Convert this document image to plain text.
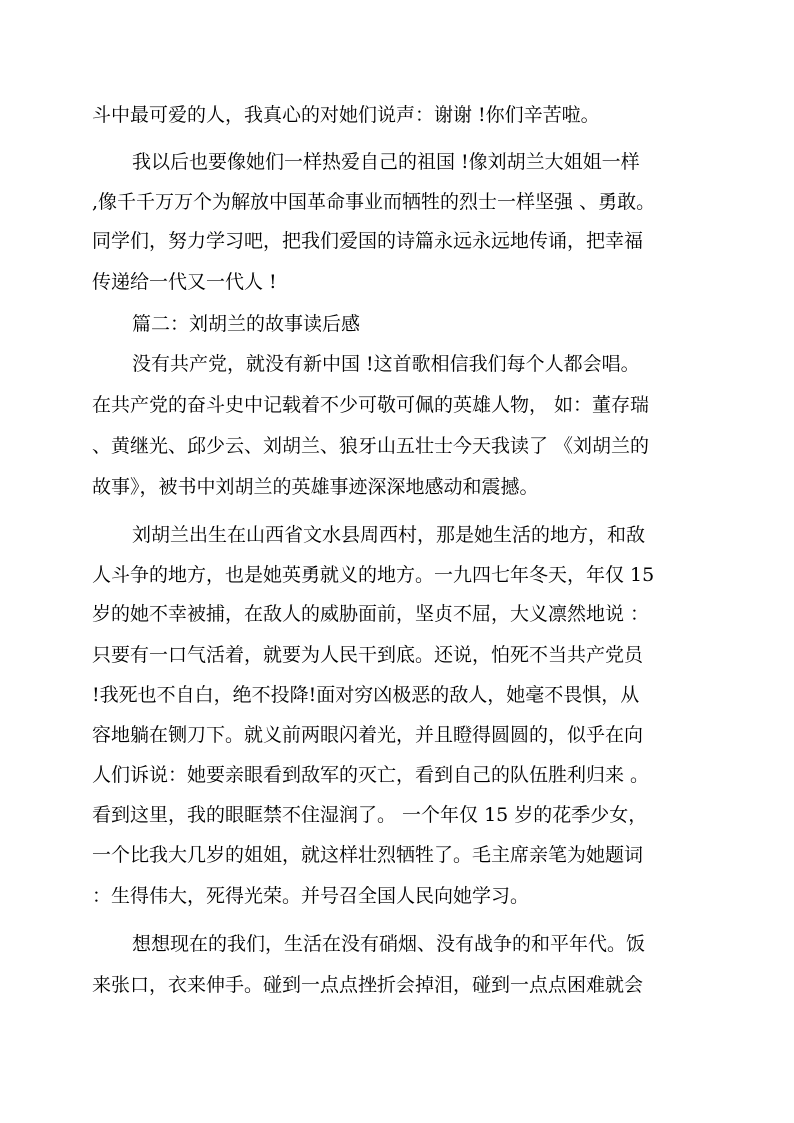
斗中最可爱的人，我真心的对她们说声：谢谢 !你们辛苦啦。
我以后也要像她们一样热爱自己的祖国 !像刘胡兰大姐姐一样
,像千千万万个为解放中国革命事业而牺牲的烈士一样坚强 、勇敢。
同学们，努力学习吧，把我们爱国的诗篇永远永远地传诵，把幸福
传递给一代又一代人 !
篇二：刘胡兰的故事读后感
没有共产党，就没有新中国 !这首歌相信我们每个人都会唱。
在共产党的奋斗史中记载着不少可敬可佩的英雄人物， 如：董存瑞
、黄继光、邱少云、刘胡兰、狼牙山五壮士今天我读了 《刘胡兰的
故事》，被书中刘胡兰的英雄事迹深深地感动和震撼。
刘胡兰出生在山西省文水县周西村，那是她生活的地方，和敌
人斗争的地方，也是她英勇就义的地方。一九四七年冬天，年仅 15
岁的她不幸被捕，在敌人的威胁面前，坚贞不屈，大义凛然地说 ：
只要有一口气活着，就要为人民干到底。还说，怕死不当共产党员
!我死也不自白，绝不投降!面对穷凶极恶的敌人，她毫不畏惧，从
容地躺在铡刀下。就义前两眼闪着光，并且瞪得圆圆的，似乎在向
人们诉说：她要亲眼看到敌军的灭亡，看到自己的队伍胜利归来 。
看到这里，我的眼眶禁不住湿润了。 一个年仅 15 岁的花季少女，
一个比我大几岁的姐姐，就这样壮烈牺牲了。毛主席亲笔为她题词
：生得伟大，死得光荣。并号召全国人民向她学习。
想想现在的我们，生活在没有硝烟、没有战争的和平年代。饭
来张口，衣来伸手。碰到一点点挫折会掉泪，碰到一点点困难就会
